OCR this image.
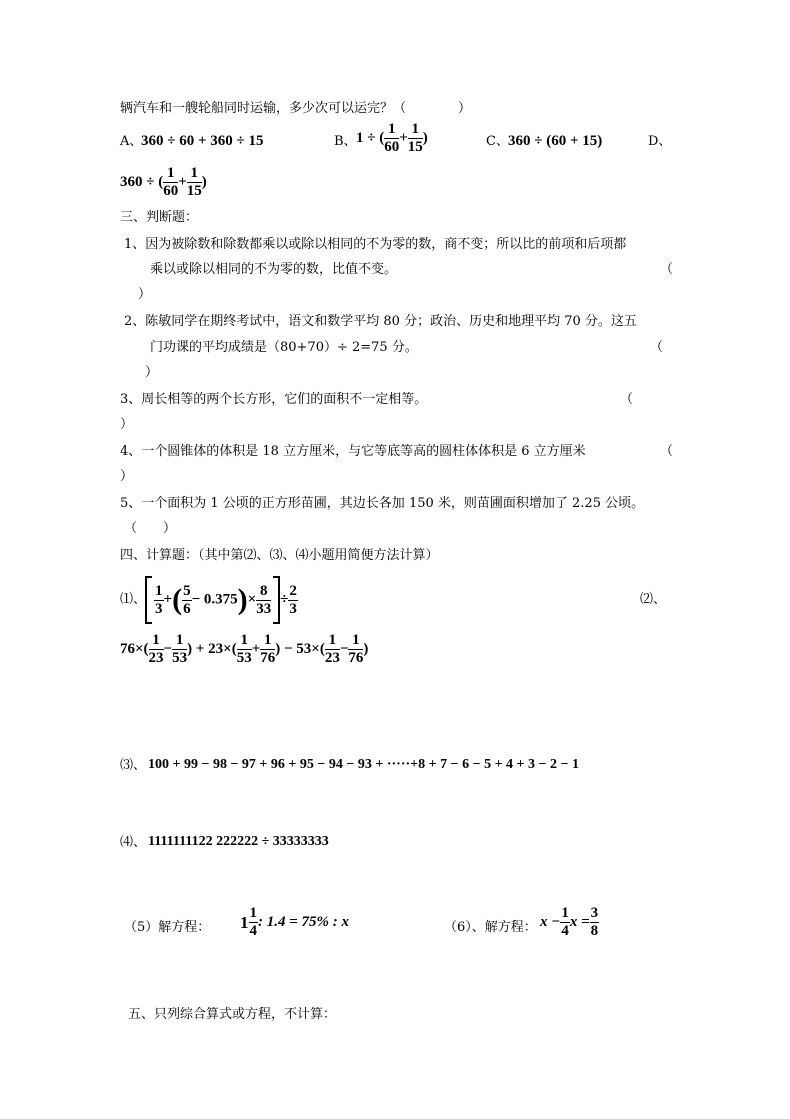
辆汽车和一艘轮船同时运输，多少次可以运完？（　　　　）
A、
360 ÷ 60 + 360 ÷ 15	B、 1 ÷ ( $\frac{1}{60} + \frac{1}{15}$ )	C、 360 ÷ (60 + 15)	D、
360 ÷ ( $\frac{1}{60} + \frac{1}{15}$ )
三、判断题：
1、因为被除数和除数都乘以或除以相同的不为零的数，商不变；所以比的前项和后项都
乘以或除以相同的不为零的数，比值不变。	（
）
2、陈敏同学在期终考试中，语文和数学平均 80 分；政治、历史和地理平均 70 分。这五
门功课的平均成绩是（80+70）÷ 2=75 分。	（
）
3、周长相等的两个长方形，它们的面积不一定相等。	（
）
4、一个圆锥体的体积是 18 立方厘米，与它等底等高的圆柱体体积是 6 立方厘米	（
）
5、一个面积为 1 公顷的正方形苗圃，其边长各加 150 米，则苗圃面积增加了 2.25 公顷。
（　　）
四、计算题：（其中第⑵、⑶、⑷小题用简便方法计算）
⑴、 $\frac{1}{3}$ +( $\frac{5}{6} - 0.375)\times \frac{8}{33} \div \frac{2}{3}$	⑵、
$76\times( \frac{1}{23} - \frac{1}{53}$ ) + $23\times( \frac{1}{53} + \frac{1}{76}$ ) − $53\times( \frac{1}{23} - \frac{1}{76}$ )
⑶、 100 + 99 − 98 − 97 + 96 + 95 − 94 − 93 + ·····+8 + 7 − 6 − 5 + 4 + 3 − 2 − 1
⑷、 1111111122 222222 ÷ 33333333
（5）解方程： $1 \frac{1}{4}$ : 1.4 = 75% : x	（6）、解方程： $x - \frac{1}{4}$ $x = \frac{3}{8}$
五、只列综合算式或方程，不计算：
